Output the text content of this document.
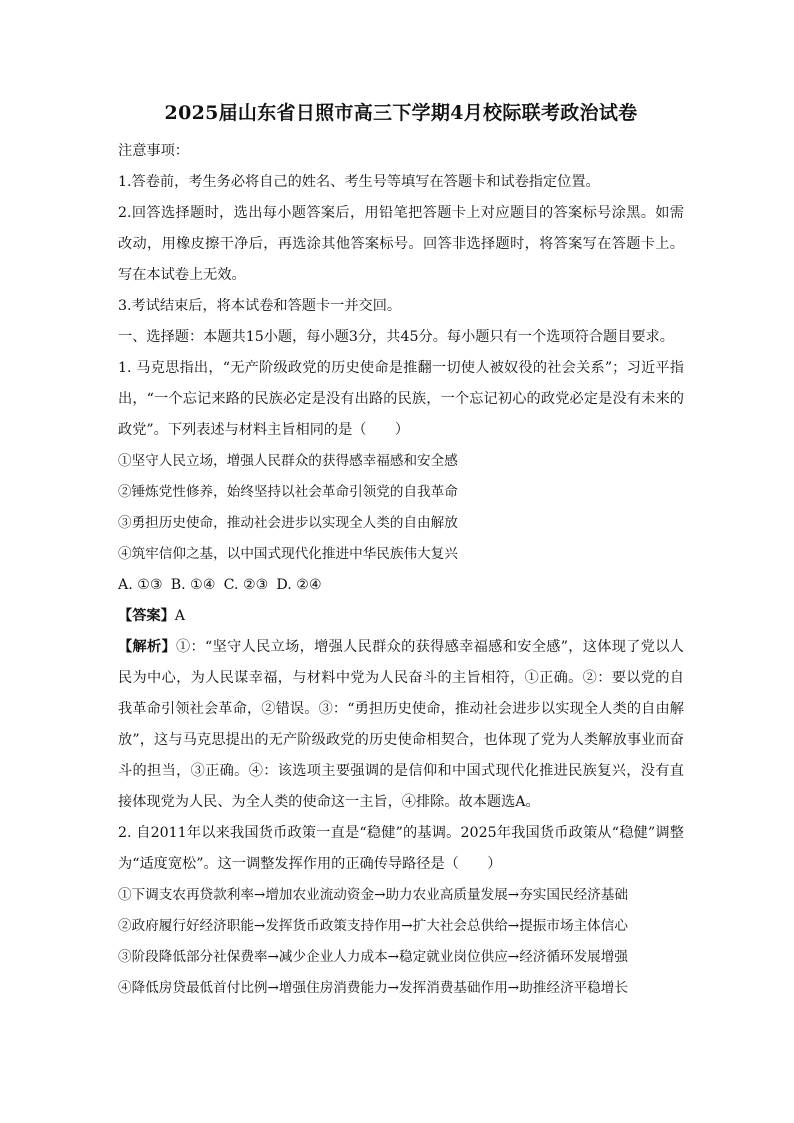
2025届山东省日照市高三下学期4月校际联考政治试卷

注意事项：

1.答卷前，考生务必将自己的姓名、考生号等填写在答题卡和试卷指定位置。

2.回答选择题时，选出每小题答案后，用铅笔把答题卡上对应题目的答案标号涂黑。如需改动，用橡皮擦干净后，再选涂其他答案标号。回答非选择题时，将答案写在答题卡上。写在本试卷上无效。

3.考试结束后，将本试卷和答题卡一并交回。

一、选择题：本题共15小题，每小题3分，共45分。每小题只有一个选项符合题目要求。

1. 马克思指出，“无产阶级政党的历史使命是推翻一切使人被奴役的社会关系”；习近平指出，“一个忘记来路的民族必定是没有出路的民族，一个忘记初心的政党必定是没有未来的政党”。下列表述与材料主旨相同的是（　　）

①坚守人民立场，增强人民群众的获得感幸福感和安全感

②锤炼党性修养，始终坚持以社会革命引领党的自我革命

③勇担历史使命，推动社会进步以实现全人类的自由解放

④筑牢信仰之基，以中国式现代化推进中华民族伟大复兴

A. ①③ B. ①④ C. ②③ D. ②④

【答案】A

【解析】①：“坚守人民立场，增强人民群众的获得感幸福感和安全感”，这体现了党以人民为中心，为人民谋幸福，与材料中党为人民奋斗的主旨相符，①正确。②：要以党的自我革命引领社会革命，②错误。③：“勇担历史使命，推动社会进步以实现全人类的自由解放”，这与马克思提出的无产阶级政党的历史使命相契合，也体现了党为人类解放事业而奋斗的担当，③正确。④：该选项主要强调的是信仰和中国式现代化推进民族复兴，没有直接体现党为人民、为全人类的使命这一主旨，④排除。故本题选A。

2. 自2011年以来我国货币政策一直是“稳健”的基调。2025年我国货币政策从“稳健”调整为“适度宽松”。这一调整发挥作用的正确传导路径是（　　）

①下调支农再贷款利率→增加农业流动资金→助力农业高质量发展→夯实国民经济基础

②政府履行好经济职能→发挥货币政策支持作用→扩大社会总供给→提振市场主体信心

③阶段降低部分社保费率→减少企业人力成本→稳定就业岗位供应→经济循环发展增强

④降低房贷最低首付比例→增强住房消费能力→发挥消费基础作用→助推经济平稳增长
